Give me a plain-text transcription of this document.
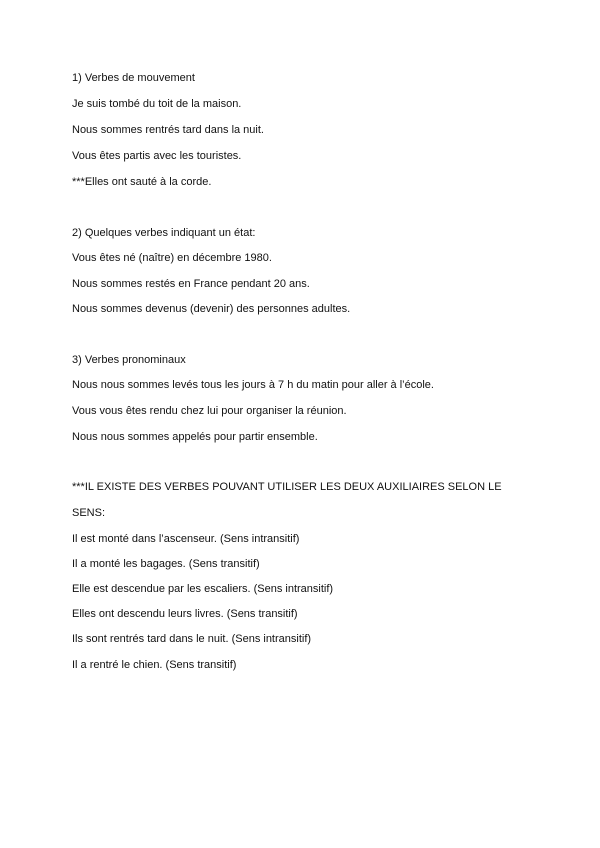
1) Verbes de mouvement

Je suis tombé du toit de la maison.

Nous sommes rentrés tard dans la nuit.

Vous êtes partis avec les touristes.

***Elles ont sauté à la corde.

2) Quelques verbes indiquant un état:

Vous êtes né (naître) en décembre 1980.

Nous sommes restés en France pendant 20 ans.

Nous sommes devenus (devenir) des personnes adultes.

3) Verbes pronominaux

Nous nous sommes levés tous les jours à 7 h du matin pour aller à l’école.

Vous vous êtes rendu chez lui pour organiser la réunion.

Nous nous sommes appelés pour partir ensemble.

***IL EXISTE DES VERBES POUVANT UTILISER LES DEUX AUXILIAIRES SELON LE SENS:

Il est monté dans l’ascenseur. (Sens intransitif)

Il a monté les bagages. (Sens transitif)

Elle est descendue par les escaliers. (Sens intransitif)

Elles ont descendu leurs livres. (Sens transitif)

Ils sont rentrés tard dans le nuit. (Sens intransitif)

Il a rentré le chien. (Sens transitif)
